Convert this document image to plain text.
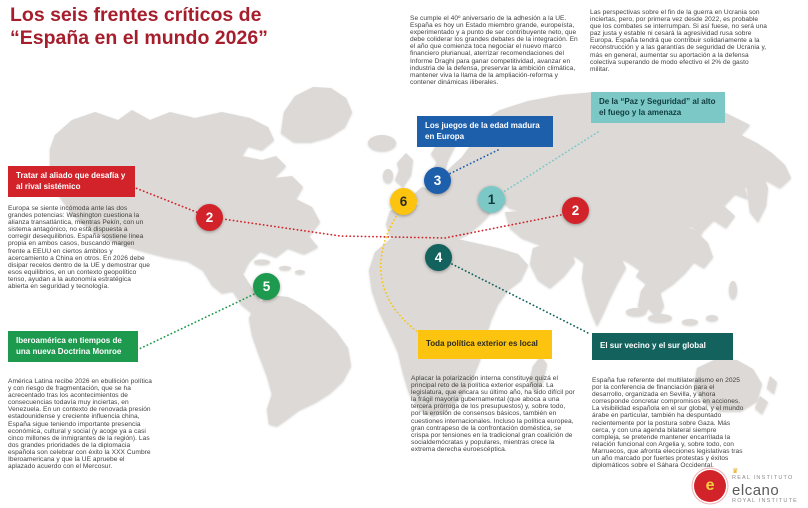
Los seis frentes críticos de
“España en el mundo 2026”
Se cumple el 40º aniversario de la adhesión a la UE. España es hoy un Estado miembro grande, europeísta, experimentado y a punto de ser contribuyente neto, que debe coliderar los grandes debates de la integración. En el año que comienza toca negociar el nuevo marco financiero plurianual, aterrizar recomendaciones del Informe Draghi para ganar competitividad, avanzar en industria de la defensa, preservar la ambición climática, mantener viva la llama de la ampliación-reforma y contener dinámicas iliberales.
Las perspectivas sobre el fin de la guerra en Ucrania son inciertas, pero, por primera vez desde 2022, es probable que los combates se interrumpan. Si así fuese, no será una paz justa y estable ni cesará la agresividad rusa sobre Europa. España tendrá que contribuir solidariamente a la reconstrucción y a las garantías de seguridad de Ucrania y, más en general, aumentar su aportación a la defensa colectiva superando de modo efectivo el 2% de gasto militar.
Tratar al aliado que desafía y al rival sistémico
Iberoamérica en tiempos de una nueva Doctrina Monroe
Los juegos de la edad madura en Europa
Toda política exterior es local
De la “Paz y Seguridad” al alto el fuego y la amenaza
El sur vecino y el sur global
Europa se siente incómoda ante las dos grandes potencias: Washington cuestiona la alianza transatlántica, mientras Pekín, con un sistema antagónico, no está dispuesta a corregir desequilibrios. España sostiene línea propia en ambos casos, buscando margen frente a EEUU en ciertos ámbitos y acercamiento a China en otros. En 2026 debe disipar recelos dentro de la UE y demostrar que esos equilibrios, en un contexto geopolítico tenso, ayudan a la autonomía estratégica abierta en seguridad y tecnología.
América Latina recibe 2026 en ebullición política y con riesgo de fragmentación, que se ha acrecentado tras los acontecimientos de consecuencias todavía muy inciertas, en Venezuela. En un contexto de renovada presión estadounidense y creciente influencia china, España sigue teniendo importante presencia económica, cultural y social (y acoge ya a casi cinco millones de inmigrantes de la región). Las dos grandes prioridades de la diplomacia española son celebrar con éxito la XXX Cumbre Iberoamericana y que la UE apruebe el aplazado acuerdo con el Mercosur.
Aplacar la polarización interna constituye quizá el principal reto de la política exterior española. La legislatura, que encara su último año, ha sido difícil por la frágil mayoría gubernamental (que aboca a una tercera prórroga de los presupuestos) y, sobre todo, por la erosión de consensos básicos, también en cuestiones internacionales. Incluso la política europea, gran contrapeso de la confrontación doméstica, se crispa por tensiones en la tradicional gran coalición de socialdemócratas y populares, mientras crece la extrema derecha euroescéptica.
España fue referente del multilateralismo en 2025 por la conferencia de financiación para el desarrollo, organizada en Sevilla, y ahora corresponde concretar compromisos en acciones. La visibilidad española en el sur global, y el mundo árabe en particular, también ha despuntado recientemente por la postura sobre Gaza. Más cerca, y con una agenda bilateral siempre compleja, se pretende mantener encarrilada la relación funcional con Argelia y, sobre todo, con Marruecos, que afronta elecciones legislativas tras un año marcado por fuertes protestas y éxitos diplomáticos sobre el Sáhara Occidental.
2
5
6
3
1
4
2
e
♛
REAL INSTITUTO
elcano
ROYAL INSTITUTE
